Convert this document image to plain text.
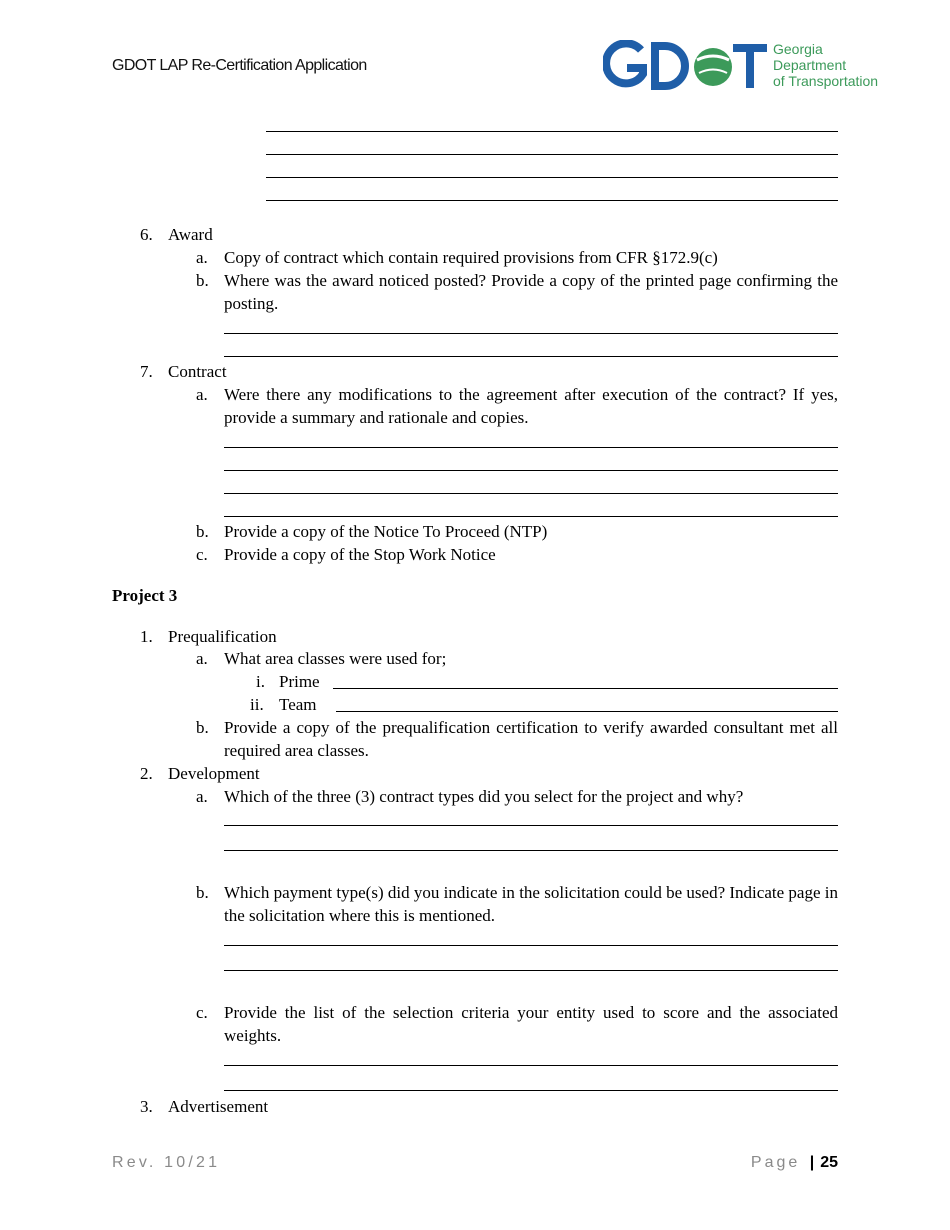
GDOT LAP Re-Certification Application
Georgia
Department
of Transportation
6. Award
a. Copy of contract which contain required provisions from CFR §172.9(c)
b. Where was the award noticed posted? Provide a copy of the printed page confirming the posting.
7. Contract
a. Were there any modifications to the agreement after execution of the contract? If yes, provide a summary and rationale and copies.
b. Provide a copy of the Notice To Proceed (NTP)
c. Provide a copy of the Stop Work Notice
Project 3
1. Prequalification
a. What area classes were used for;
i. Prime
ii. Team
b. Provide a copy of the prequalification certification to verify awarded consultant met all required area classes.
2. Development
a. Which of the three (3) contract types did you select for the project and why?
b. Which payment type(s) did you indicate in the solicitation could be used? Indicate page in the solicitation where this is mentioned.
c. Provide the list of the selection criteria your entity used to score and the associated weights.
3. Advertisement
Rev. 10/21	Page | 25
